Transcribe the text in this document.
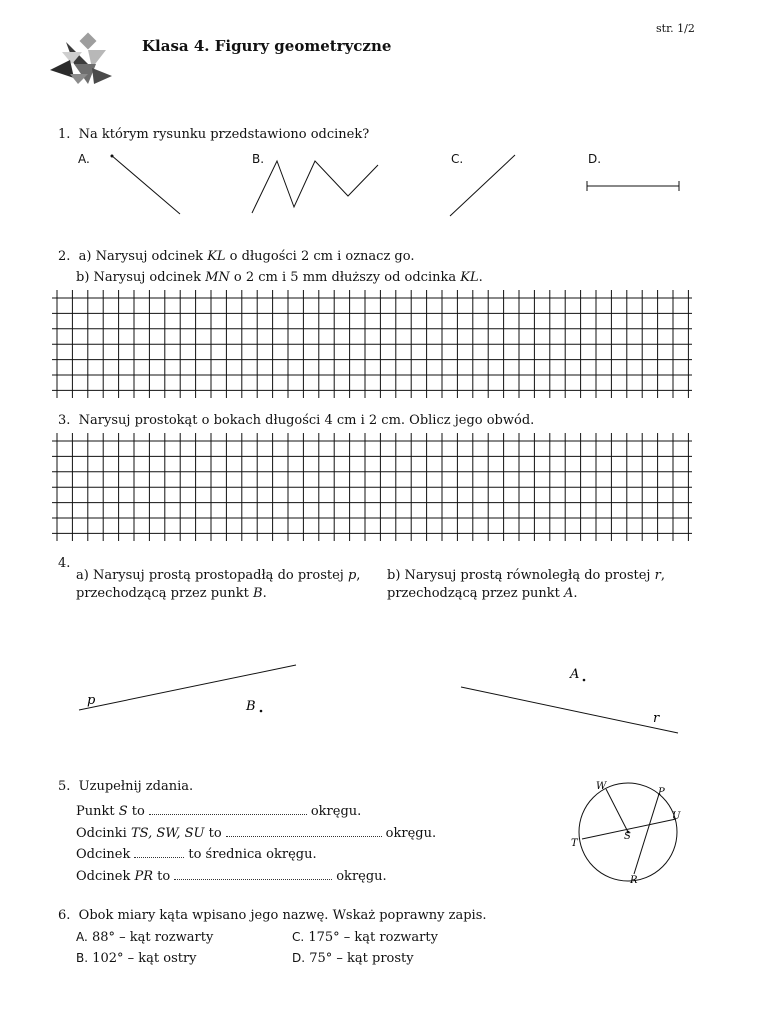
str. 1/2
Klasa 4. Figury geometryczne
1. Na którym rysunku przedstawiono odcinek?
A.	B.	C.	D.
2. a) Narysuj odcinek KL o długości 2 cm i oznacz go.
b) Narysuj odcinek MN o 2 cm i 5 mm dłuższy od odcinka KL.
3. Narysuj prostokąt o bokach długości 4 cm i 2 cm. Oblicz jego obwód.
4.
a) Narysuj prostą prostopadłą do prostej p,
przechodzącą przez punkt B.
b) Narysuj prostą równoległą do prostej r,
przechodzącą przez punkt A.
p	B
r
A
5. Uzupełnij zdania.
Punkt S to	okręgu.
Odcinki TS, SW, SU to	okręgu.
Odcinek	to średnica okręgu.
Odcinek PR to	okręgu.
W
P
U
T
S
R
6. Obok miary kąta wpisano jego nazwę. Wskaż poprawny zapis.
A. 88° – kąt rozwarty
B. 102° – kąt ostry
C. 175° – kąt rozwarty
D. 75° – kąt prosty
